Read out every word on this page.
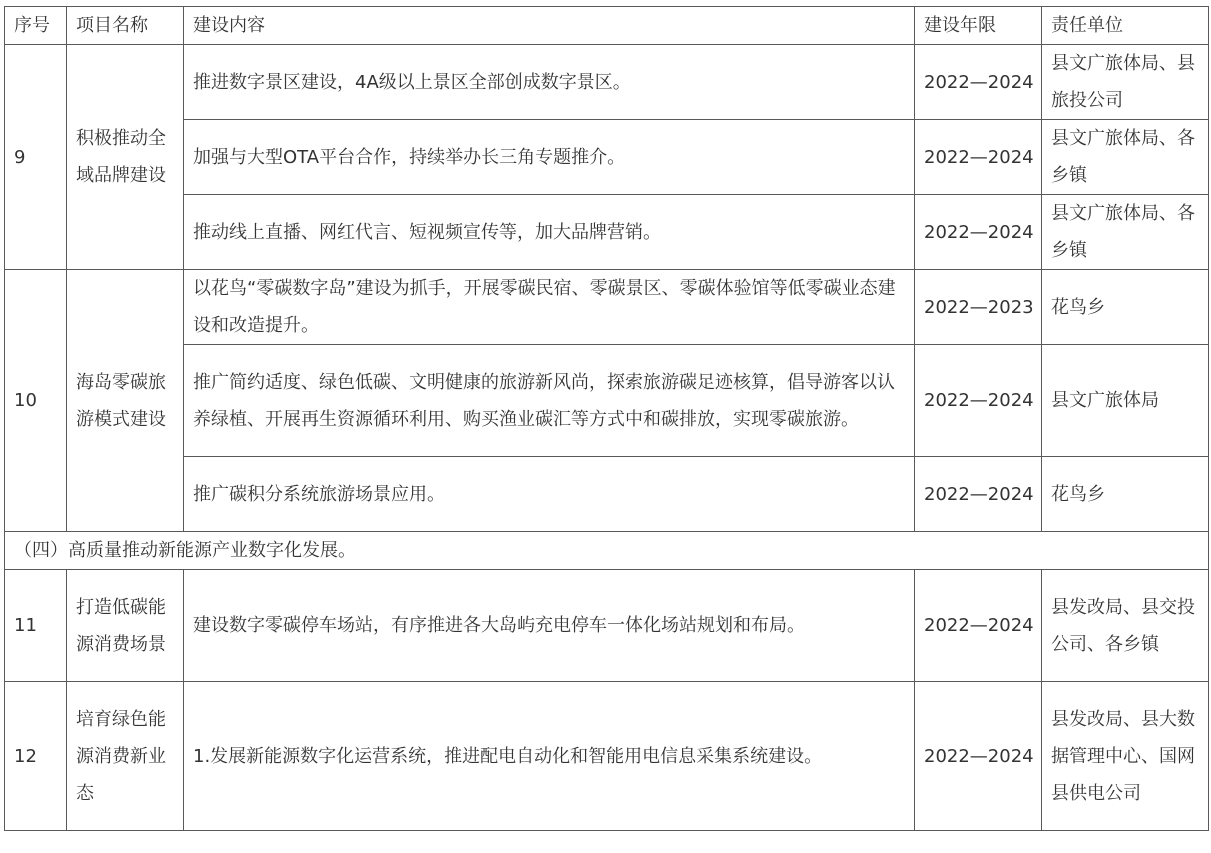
序号	项目名称	建设内容	建设年限	责任单位
9	积极推动全域品牌建设	推进数字景区建设，4A级以上景区全部创成数字景区。	2022—2024	县文广旅体局、县旅投公司
		加强与大型OTA平台合作，持续举办长三角专题推介。	2022—2024	县文广旅体局、各乡镇
		推动线上直播、网红代言、短视频宣传等，加大品牌营销。	2022—2024	县文广旅体局、各乡镇
10	海岛零碳旅游模式建设	以花鸟“零碳数字岛”建设为抓手，开展零碳民宿、零碳景区、零碳体验馆等低零碳业态建设和改造提升。	2022—2023	花鸟乡
		推广简约适度、绿色低碳、文明健康的旅游新风尚，探索旅游碳足迹核算，倡导游客以认养绿植、开展再生资源循环利用、购买渔业碳汇等方式中和碳排放，实现零碳旅游。	2022—2024	县文广旅体局
		推广碳积分系统旅游场景应用。	2022—2024	花鸟乡
（四）高质量推动新能源产业数字化发展。				
11	打造低碳能源消费场景	建设数字零碳停车场站，有序推进各大岛屿充电停车一体化场站规划和布局。	2022—2024	县发改局、县交投公司、各乡镇
12	培育绿色能源消费新业态	1.发展新能源数字化运营系统，推进配电自动化和智能用电信息采集系统建设。	2022—2024	县发改局、县大数据管理中心、国网县供电公司
